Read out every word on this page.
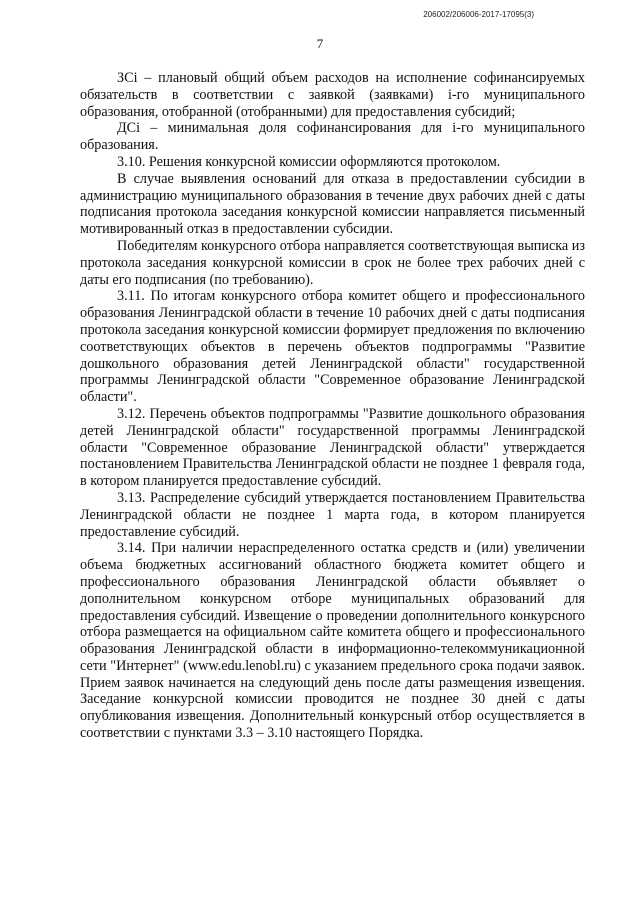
206002/206006-2017-17095(3)
7

ЗCi – плановый общий объем расходов на исполнение софинансируемых обязательств в соответствии с заявкой (заявками) i-го муниципального образования, отобранной (отобранными) для предоставления субсидий;

ДCi – минимальная доля софинансирования для i-го муниципального образования.

3.10. Решения конкурсной комиссии оформляются протоколом.

В случае выявления оснований для отказа в предоставлении субсидии в администрацию муниципального образования в течение двух рабочих дней с даты подписания протокола заседания конкурсной комиссии направляется письменный мотивированный отказ в предоставлении субсидии.

Победителям конкурсного отбора направляется соответствующая выписка из протокола заседания конкурсной комиссии в срок не более трех рабочих дней с даты его подписания (по требованию).

3.11. По итогам конкурсного отбора комитет общего и профессионального образования Ленинградской области в течение 10 рабочих дней с даты подписания протокола заседания конкурсной комиссии формирует предложения по включению соответствующих объектов в перечень объектов подпрограммы "Развитие дошкольного образования детей Ленинградской области" государственной программы Ленинградской области "Современное образование Ленинградской области".

3.12. Перечень объектов подпрограммы "Развитие дошкольного образования детей Ленинградской области" государственной программы Ленинградской области "Современное образование Ленинградской области" утверждается постановлением Правительства Ленинградской области не позднее 1 февраля года, в котором планируется предоставление субсидий.

3.13. Распределение субсидий утверждается постановлением Правительства Ленинградской области не позднее 1 марта года, в котором планируется предоставление субсидий.

3.14. При наличии нераспределенного остатка средств и (или) увеличении объема бюджетных ассигнований областного бюджета комитет общего и профессионального образования Ленинградской области объявляет о дополнительном конкурсном отборе муниципальных образований для предоставления субсидий. Извещение о проведении дополнительного конкурсного отбора размещается на официальном сайте комитета общего и профессионального образования Ленинградской области в информационно-телекоммуникационной сети "Интернет" (www.edu.lenobl.ru) с указанием предельного срока подачи заявок. Прием заявок начинается на следующий день после даты размещения извещения. Заседание конкурсной комиссии проводится не позднее 30 дней с даты опубликования извещения. Дополнительный конкурсный отбор осуществляется в соответствии с пунктами 3.3 – 3.10 настоящего Порядка.
